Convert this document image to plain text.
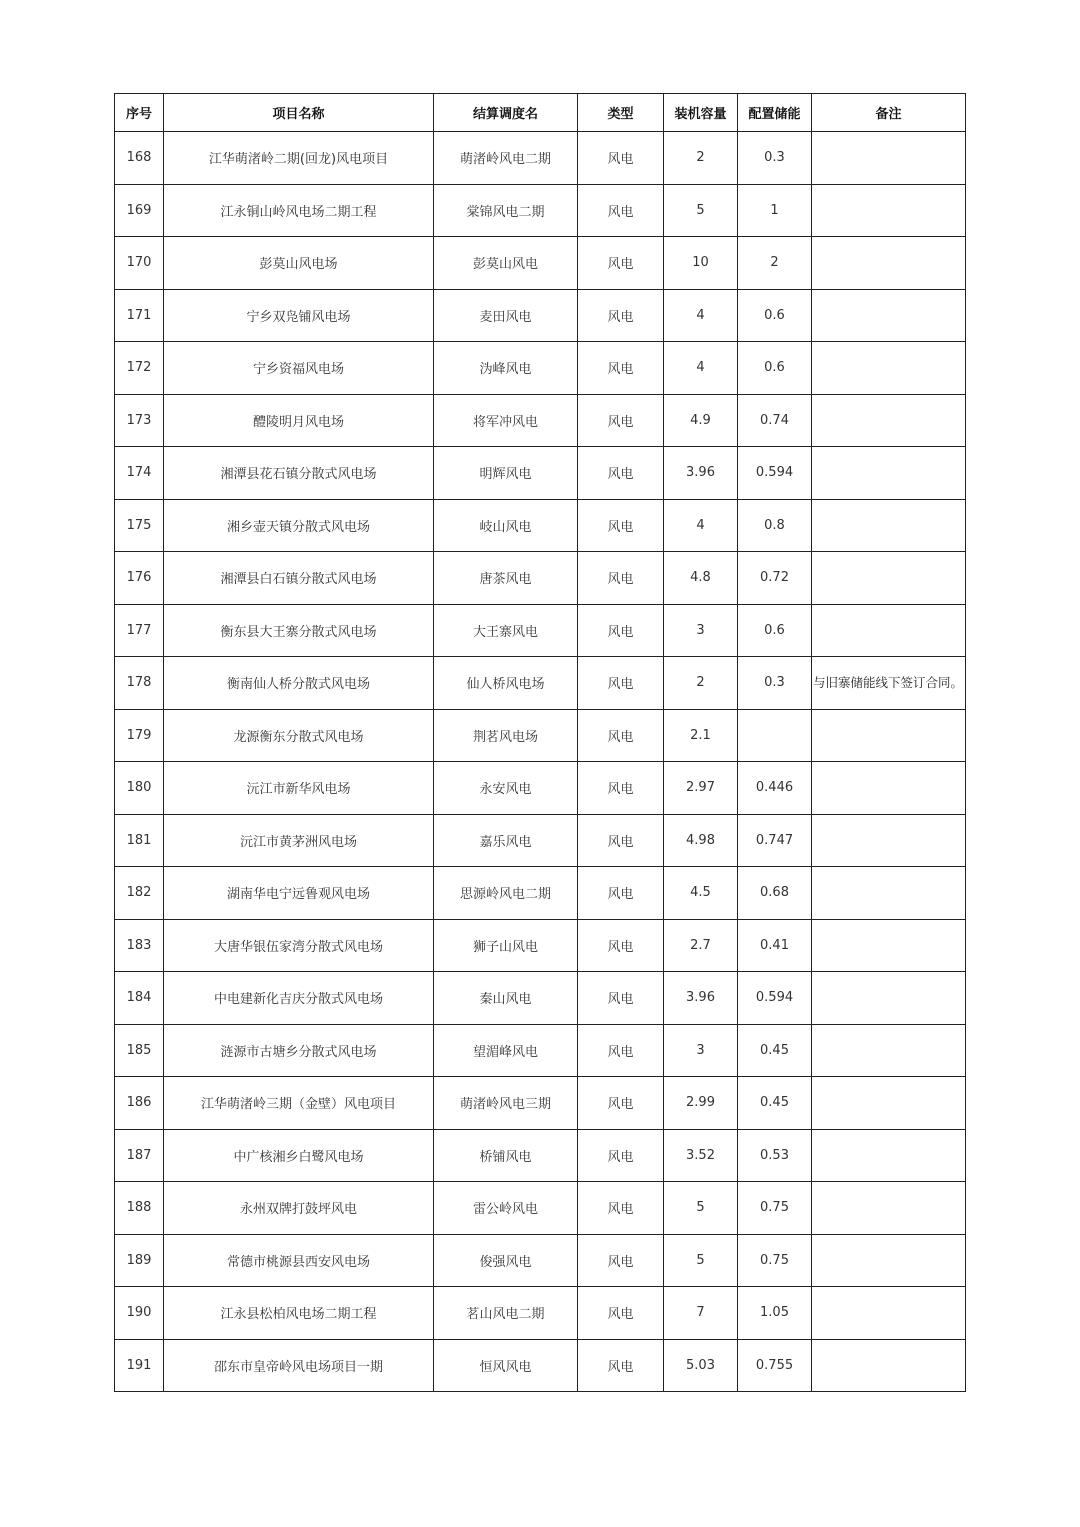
序号	项目名称	结算调度名	类型	装机容量	配置储能	备注
168	江华萌渚岭二期(回龙)风电项目	萌渚岭风电二期	风电	2	0.3	
169	江永铜山岭风电场二期工程	棠锦风电二期	风电	5	1	
170	彭莫山风电场	彭莫山风电	风电	10	2	
171	宁乡双凫铺风电场	麦田风电	风电	4	0.6	
172	宁乡资福风电场	沩峰风电	风电	4	0.6	
173	醴陵明月风电场	将军冲风电	风电	4.9	0.74	
174	湘潭县花石镇分散式风电场	明辉风电	风电	3.96	0.594	
175	湘乡壶天镇分散式风电场	岐山风电	风电	4	0.8	
176	湘潭县白石镇分散式风电场	唐茶风电	风电	4.8	0.72	
177	衡东县大王寨分散式风电场	大王寨风电	风电	3	0.6	
178	衡南仙人桥分散式风电场	仙人桥风电场	风电	2	0.3	与旧寨储能线下签订合同。
179	龙源衡东分散式风电场	荆茗风电场	风电	2.1		
180	沅江市新华风电场	永安风电	风电	2.97	0.446	
181	沅江市黄茅洲风电场	嘉乐风电	风电	4.98	0.747	
182	湖南华电宁远鲁观风电场	思源岭风电二期	风电	4.5	0.68	
183	大唐华银伍家湾分散式风电场	狮子山风电	风电	2.7	0.41	
184	中电建新化吉庆分散式风电场	秦山风电	风电	3.96	0.594	
185	涟源市古塘乡分散式风电场	望湄峰风电	风电	3	0.45	
186	江华萌渚岭三期（金壁）风电项目	萌渚岭风电三期	风电	2.99	0.45	
187	中广核湘乡白鹭风电场	桥铺风电	风电	3.52	0.53	
188	永州双牌打鼓坪风电	雷公岭风电	风电	5	0.75	
189	常德市桃源县西安风电场	俊强风电	风电	5	0.75	
190	江永县松柏风电场二期工程	茗山风电二期	风电	7	1.05	
191	邵东市皇帝岭风电场项目一期	恒风风电	风电	5.03	0.755	
